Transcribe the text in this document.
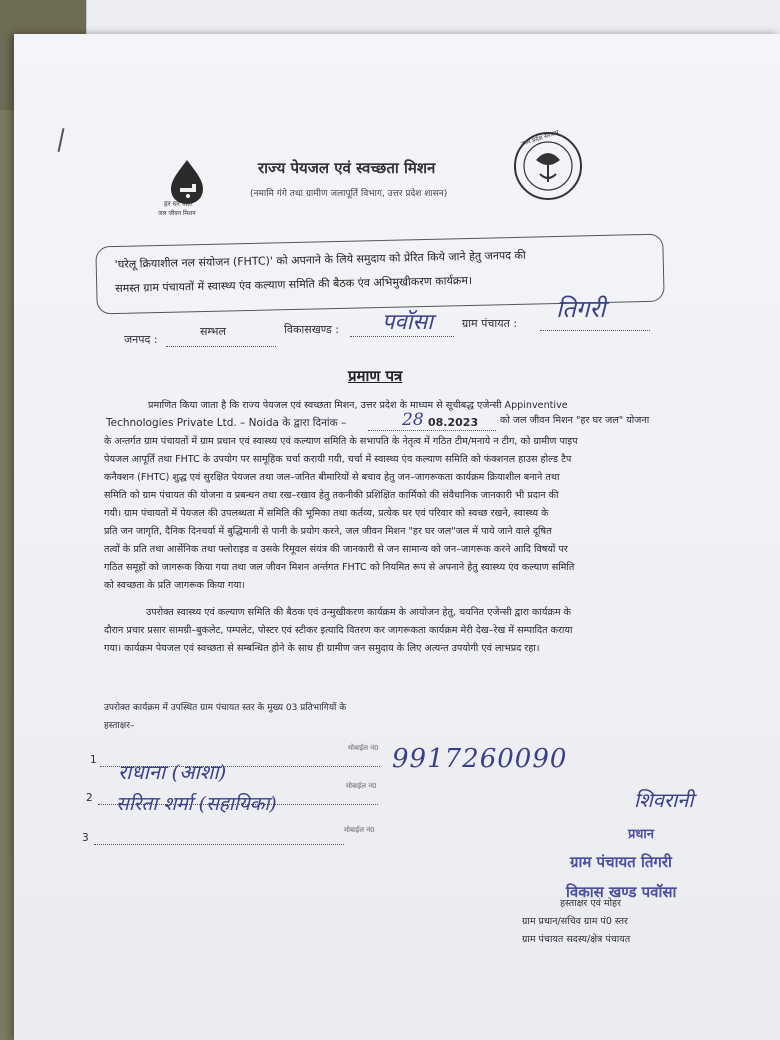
हर घर जल
जल जीवन मिशन
राज्य पेयजल एवं स्वच्छता मिशन
(नमामि गंगे तथा ग्रामीण जलापूर्ति विभाग, उत्तर प्रदेश शासन)
उत्तर प्रदेश सरकार
'घरेलू क्रियाशील नल संयोजन (FHTC)' को अपनाने के लिये समुदाय को प्रेरित किये जाने हेतु जनपद की
समस्त ग्राम पंचायतों में स्वास्थ्य एंव कल्याण समिति की बैठक एंव अभिमुखीकरण कार्यक्रम।
जनपद :
सम्भल	विकासखण्ड : पवॉसा	ग्राम पंचायत :
तिगरी
प्रमाण पत्र
प्रमाणित किया जाता है कि राज्य पेयजल एवं स्वच्छता मिशन, उत्तर प्रदेश के माध्यम से सूचीबद्ध एजेन्सी Appinventive
Technologies Private Ltd. – Noida के द्वारा दिनांक –	28 08.2023 को जल जीवन मिशन "हर घर जल" योजना
के अन्तर्गत ग्राम पंचायतों में ग्राम प्रधान एवं स्वास्थ्य एवं कल्याण समिति के सभापति के नेतृत्व में गठित टीम/मनाये न टीग, को ग्रामीण पाइप
पेयजल आपूर्ति तथा FHTC के उपयोग पर सामूहिक चर्चा करायी गयी, चर्चा में स्वास्थ्य एंव कल्याण समिति को फंक्शनल हाउस होल्ड टैप
कनैक्शन (FHTC) शुद्ध एवं सुरक्षित पेयजल तथा जल–जनित बीमारियों से बचाव हेतु जन–जागरूकता कार्यक्रम क्रियाशील बनाने तथा
समिति को ग्राम पंचायत की योजना व प्रबन्धन तथा रख–रखाव हेतु तकनीकी प्रशिक्षित कार्मिको की संवैधानिक जानकारी भी प्रदान की
गयी। ग्राम पंचायतों में पेयजल की उपलब्धता में समिति की भूमिका तथा कर्तव्य, प्रत्येक घर एवं परिवार को स्वच्छ रखने, स्वास्थ्य के
प्रति जन जागृति, दैनिक दिनचर्या में बुद्धिमानी से पानी के प्रयोग करने, जल जीवन मिशन "हर घर जल"जल में पाये जाने वाले दूषित
तत्वों के प्रति तथा आर्सेनिक तथा फ्लोराइड व उसके रिमूवल संयंत्र की जानकारी से जन सामान्य को जन–जागरूक करने आदि विषयों पर
गठित समूहों को जागरूक किया गया तथा जल जीवन मिशन अर्न्तगत FHTC को नियमित रूप से अपनाने हेतु स्वास्थ्य एंव कल्याण समिति
को स्वच्छता के प्रति जागरूक किया गया।
उपरोक्त स्वास्थ्य एवं कल्याण समिति की बैठक एवं उन्मुखीकरण कार्यक्रम के आयोजन हेतु, चयनित एजेन्सी द्वारा कार्यक्रम के
दौरान प्रचार प्रसार सामग्री–बुकलेट, पम्पलेट, पोस्टर एवं स्टीकर इत्यादि वितरण कर जागरूकता कार्यक्रम मेरी देख–रेख में सम्पादित कराया
गया। कार्यक्रम पेयजल एवं स्वच्छता से सम्बन्धित होने के साथ ही ग्रामीण जन समुदाय के लिए अत्यन्त उपयोगी एवं लाभप्रद रहा।
उपरोक्त कार्यक्रम में उपस्थित ग्राम पंचायत स्तर के मुख्य 03 प्रतिभागियों के
हस्ताक्षर–
1 राधाना (आशा)
मोबाईल नं0 9917260090
2 सरिता शर्मा (सहायिका)
मोबाईल नं0
3
मोबाईल नं0
शिवरानी
प्रधान
ग्राम पंचायत तिगरी
विकास खण्ड पवॉसा
हस्ताक्षर एवं मोहर
ग्राम प्रधान/सचिव ग्राम पं0 स्तर
ग्राम पंचायत सदस्य/क्षेत्र पंचायत
